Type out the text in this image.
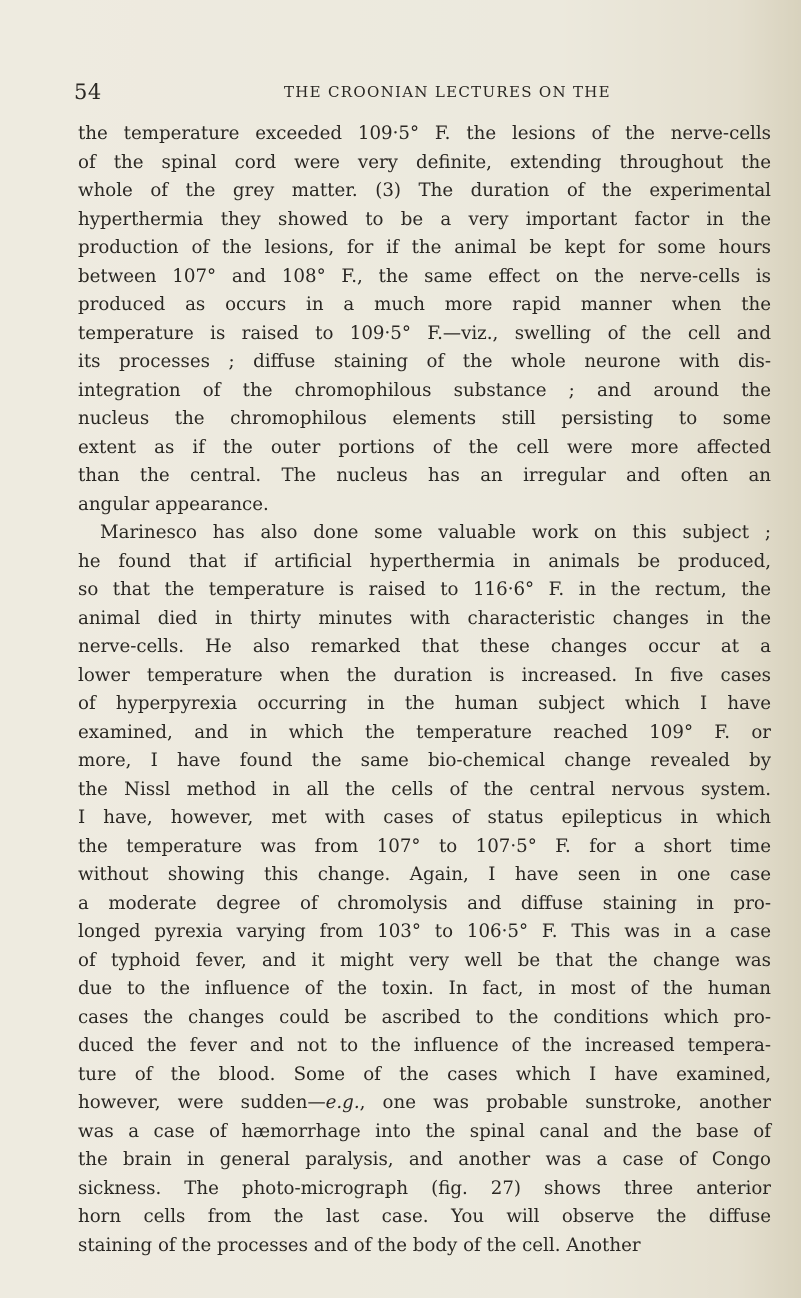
54	THE CROONIAN LECTURES ON THE
the temperature exceeded 109·5° F. the lesions of the nerve-cells
of the spinal cord were very definite, extending throughout the
whole of the grey matter. (3) The duration of the experimental
hyperthermia they showed to be a very important factor in the
production of the lesions, for if the animal be kept for some hours
between 107° and 108° F., the same effect on the nerve-cells is
produced as occurs in a much more rapid manner when the
temperature is raised to 109·5° F.—viz., swelling of the cell and
its processes ; diffuse staining of the whole neurone with dis-
integration of the chromophilous substance ; and around the
nucleus the chromophilous elements still persisting to some
extent as if the outer portions of the cell were more affected
than the central. The nucleus has an irregular and often an
angular appearance.
Marinesco has also done some valuable work on this subject ;
he found that if artificial hyperthermia in animals be produced,
so that the temperature is raised to 116·6° F. in the rectum, the
animal died in thirty minutes with characteristic changes in the
nerve-cells. He also remarked that these changes occur at a
lower temperature when the duration is increased. In five cases
of hyperpyrexia occurring in the human subject which I have
examined, and in which the temperature reached 109° F. or
more, I have found the same bio-chemical change revealed by
the Nissl method in all the cells of the central nervous system.
I have, however, met with cases of status epilepticus in which
the temperature was from 107° to 107·5° F. for a short time
without showing this change. Again, I have seen in one case
a moderate degree of chromolysis and diffuse staining in pro-
longed pyrexia varying from 103° to 106·5° F. This was in a case
of typhoid fever, and it might very well be that the change was
due to the influence of the toxin. In fact, in most of the human
cases the changes could be ascribed to the conditions which pro-
duced the fever and not to the influence of the increased tempera-
ture of the blood. Some of the cases which I have examined,
however, were sudden—e.g., one was probable sunstroke, another
was a case of hæmorrhage into the spinal canal and the base of
the brain in general paralysis, and another was a case of Congo
sickness. The photo-micrograph (fig. 27) shows three anterior
horn cells from the last case. You will observe the diffuse
staining of the processes and of the body of the cell. Another
